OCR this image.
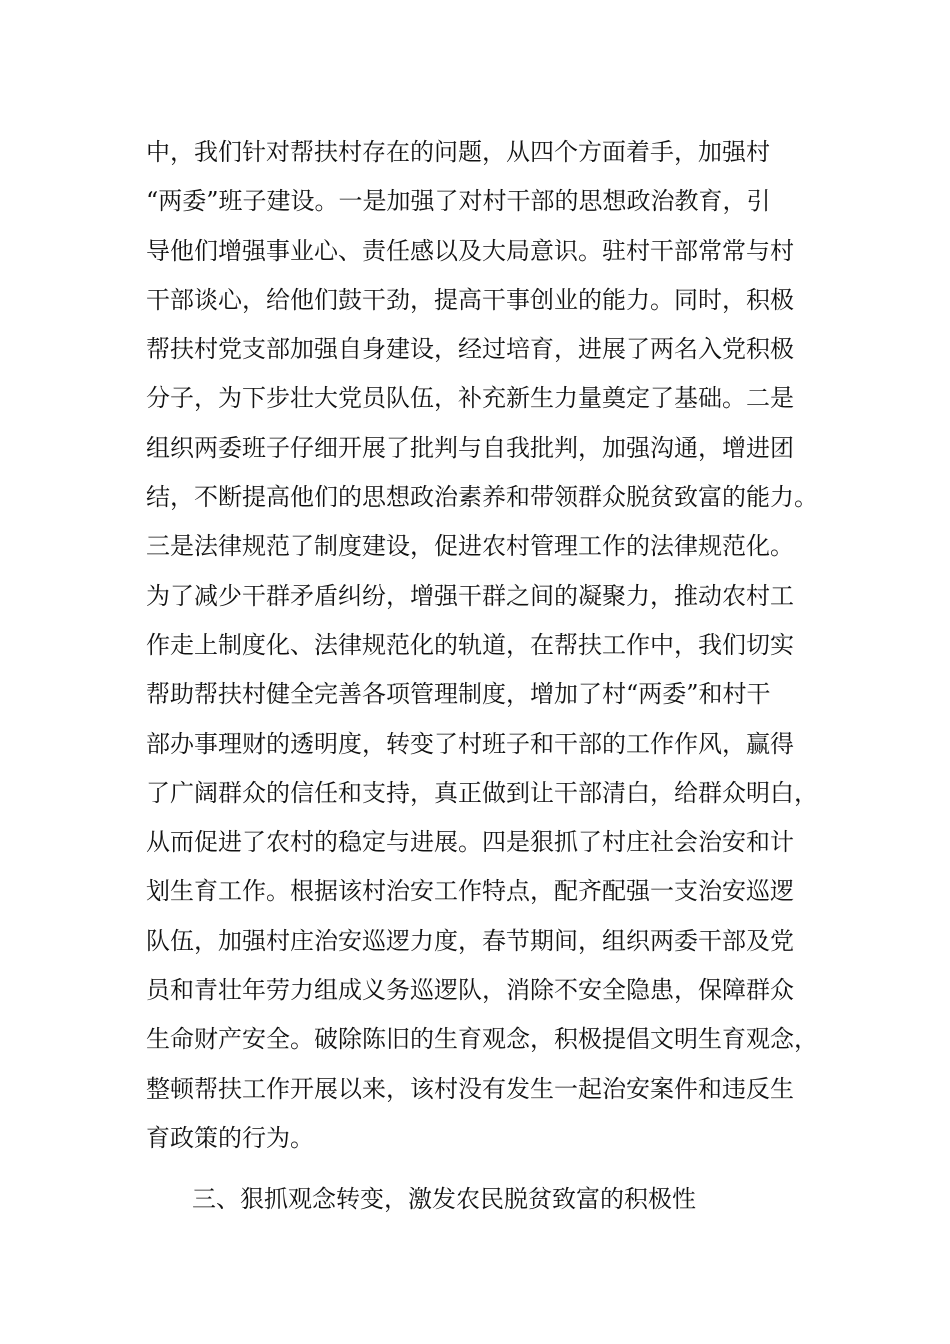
中，我们针对帮扶村存在的问题，从四个方面着手，加强村
“两委”班子建设。一是加强了对村干部的思想政治教育，引
导他们增强事业心、责任感以及大局意识。驻村干部常常与村
干部谈心，给他们鼓干劲，提高干事创业的能力。同时，积极
帮扶村党支部加强自身建设，经过培育，进展了两名入党积极
分子，为下步壮大党员队伍，补充新生力量奠定了基础。二是
组织两委班子仔细开展了批判与自我批判，加强沟通，增进团
结，不断提高他们的思想政治素养和带领群众脱贫致富的能力。
三是法律规范了制度建设，促进农村管理工作的法律规范化。
为了减少干群矛盾纠纷，增强干群之间的凝聚力，推动农村工
作走上制度化、法律规范化的轨道，在帮扶工作中，我们切实
帮助帮扶村健全完善各项管理制度，增加了村“两委”和村干
部办事理财的透明度，转变了村班子和干部的工作作风，赢得
了广阔群众的信任和支持，真正做到让干部清白，给群众明白，
从而促进了农村的稳定与进展。四是狠抓了村庄社会治安和计
划生育工作。根据该村治安工作特点，配齐配强一支治安巡逻
队伍，加强村庄治安巡逻力度，春节期间，组织两委干部及党
员和青壮年劳力组成义务巡逻队，消除不安全隐患，保障群众
生命财产安全。破除陈旧的生育观念，积极提倡文明生育观念，
整顿帮扶工作开展以来，该村没有发生一起治安案件和违反生
育政策的行为。
三、狠抓观念转变，激发农民脱贫致富的积极性
